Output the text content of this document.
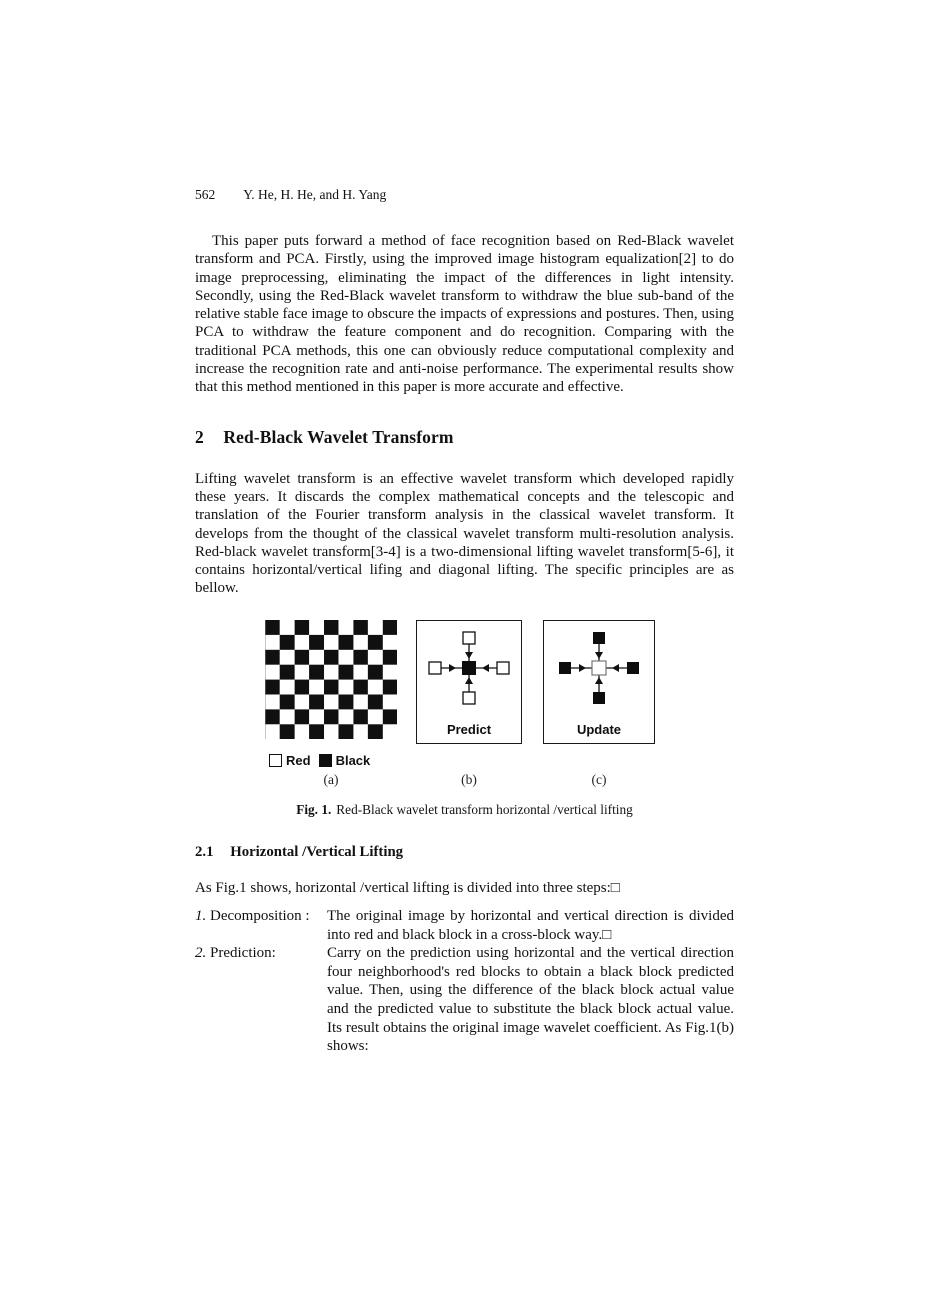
562 Y. He, H. He, and H. Yang

This paper puts forward a method of face recognition based on Red-Black wavelet transform and PCA. Firstly, using the improved image histogram equalization[2] to do image preprocessing, eliminating the impact of the differences in light intensity. Secondly, using the Red-Black wavelet transform to withdraw the blue sub-band of the relative stable face image to obscure the impacts of expressions and postures. Then, using PCA to withdraw the feature component and do recognition. Comparing with the traditional PCA methods, this one can obviously reduce computational complexity and increase the recognition rate and anti-noise performance. The experimental results show that this method mentioned in this paper is more accurate and effective.

2 Red-Black Wavelet Transform

Lifting wavelet transform is an effective wavelet transform which developed rapidly these years. It discards the complex mathematical concepts and the telescopic and translation of the Fourier transform analysis in the classical wavelet transform. It develops from the thought of the classical wavelet transform multi-resolution analysis. Red-black wavelet transform[3-4] is a two-dimensional lifting wavelet transform[5-6], it contains horizontal/vertical lifing and diagonal lifting. The specific principles are as bellow.

Red Black
Predict	Update
(a)	(b)	(c)
Fig. 1. Red-Black wavelet transform horizontal /vertical lifting
2.1 Horizontal /Vertical Lifting

As Fig.1 shows, horizontal /vertical lifting is divided into three steps:□

1. Decomposition :	The original image by horizontal and vertical direction is divided into red and black block in a cross-block way.□
2. Prediction:	Carry on the prediction using horizontal and the vertical direction four neighborhood's red blocks to obtain a black block predicted value. Then, using the difference of the black block actual value and the predicted value to substitute the black block actual value. Its result obtains the original image wavelet coefficient. As Fig.1(b) shows:
